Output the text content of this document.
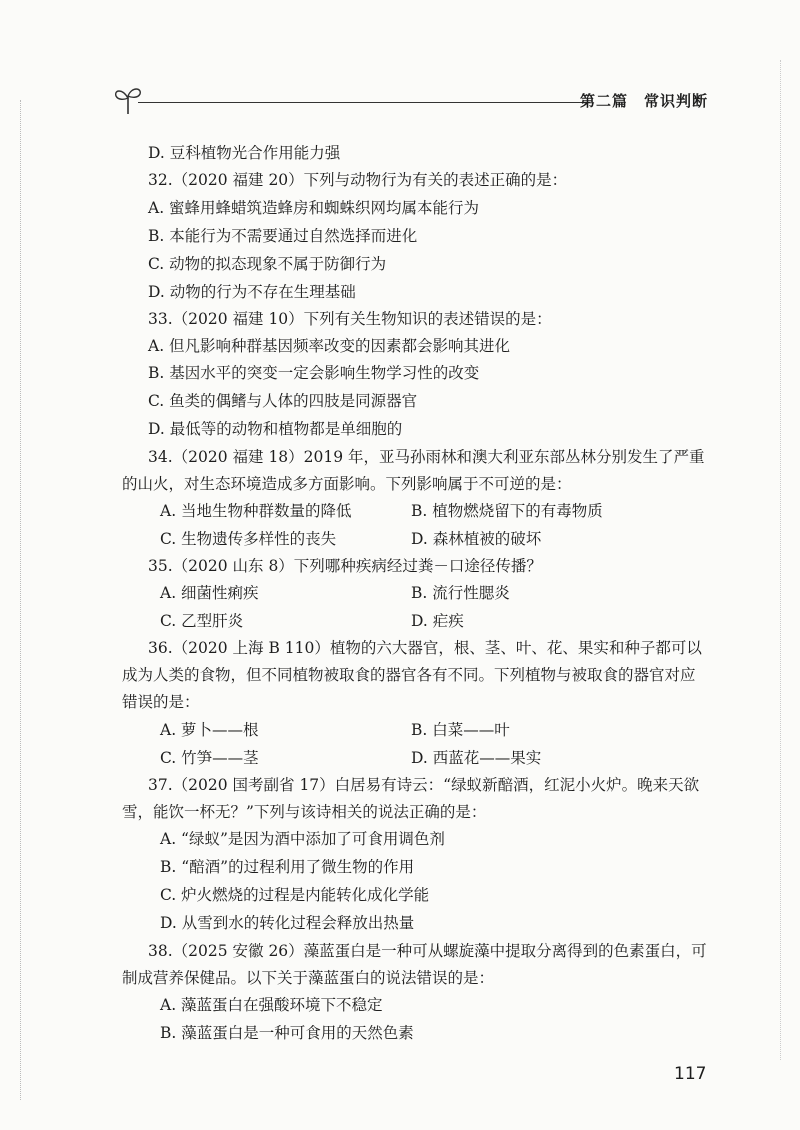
第二篇　常识判断
D. 豆科植物光合作用能力强
32.（2020 福建 20）下列与动物行为有关的表述正确的是：
A. 蜜蜂用蜂蜡筑造蜂房和蜘蛛织网均属本能行为
B. 本能行为不需要通过自然选择而进化
C. 动物的拟态现象不属于防御行为
D. 动物的行为不存在生理基础
33.（2020 福建 10）下列有关生物知识的表述错误的是：
A. 但凡影响种群基因频率改变的因素都会影响其进化
B. 基因水平的突变一定会影响生物学习性的改变
C. 鱼类的偶鳍与人体的四肢是同源器官
D. 最低等的动物和植物都是单细胞的
34.（2020 福建 18）2019 年，亚马孙雨林和澳大利亚东部丛林分别发生了严重
的山火，对生态环境造成多方面影响。下列影响属于不可逆的是：
A. 当地生物种群数量的降低	B. 植物燃烧留下的有毒物质
C. 生物遗传多样性的丧失	D. 森林植被的破坏
35.（2020 山东 8）下列哪种疾病经过粪－口途径传播？
A. 细菌性痢疾	B. 流行性腮炎
C. 乙型肝炎	D. 疟疾
36.（2020 上海 B 110）植物的六大器官，根、茎、叶、花、果实和种子都可以
成为人类的食物，但不同植物被取食的器官各有不同。下列植物与被取食的器官对应
错误的是：
A. 萝卜——根	B. 白菜——叶
C. 竹笋——茎	D. 西蓝花——果实
37.（2020 国考副省 17）白居易有诗云：“绿蚁新醅酒，红泥小火炉。晚来天欲
雪，能饮一杯无？”下列与该诗相关的说法正确的是：
A. “绿蚁”是因为酒中添加了可食用调色剂
B. “醅酒”的过程利用了微生物的作用
C. 炉火燃烧的过程是内能转化成化学能
D. 从雪到水的转化过程会释放出热量
38.（2025 安徽 26）藻蓝蛋白是一种可从螺旋藻中提取分离得到的色素蛋白，可
制成营养保健品。以下关于藻蓝蛋白的说法错误的是：
A. 藻蓝蛋白在强酸环境下不稳定
B. 藻蓝蛋白是一种可食用的天然色素
117
